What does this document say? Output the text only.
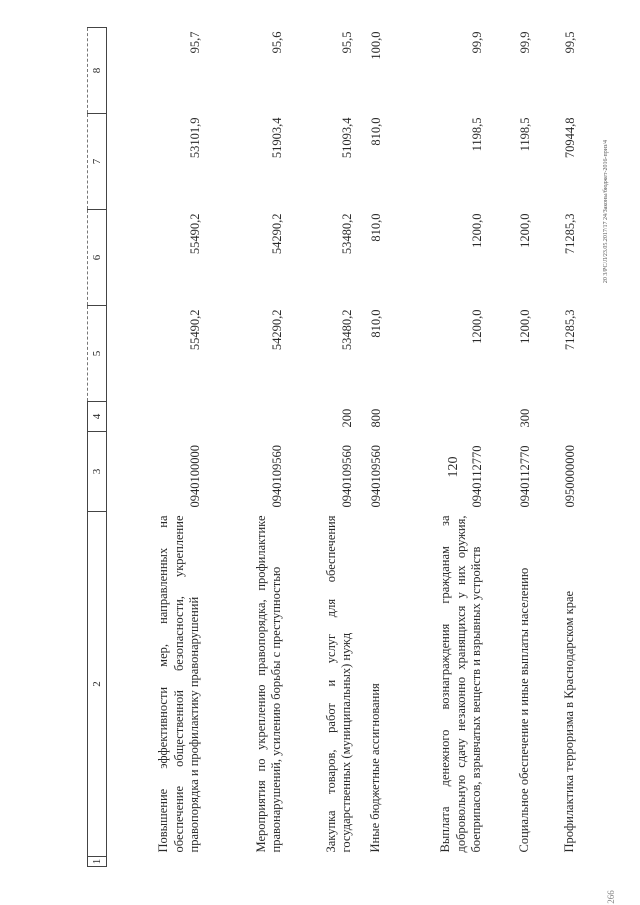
120
20 3/РС/Л/23.05.2017/17 24/Законы/бюджет-2016-приз/4
266
1	2	3	4	5	6	7	8
	Повышение эффективности мер, направленных на обеспечение общественной безопасности, укрепление правопорядка и профилактику правонарушений	0940100000		55490,2	55490,2	53101,9	95,7
	Мероприятия по укреплению правопорядка, профилактике правонарушений, усилению борьбы с преступностью	0940109560		54290,2	54290,2	51903,4	95,6
	Закупка товаров, работ и услуг для обеспечения государственных (муниципальных) нужд	0940109560	200	53480,2	53480,2	51093,4	95,5
	Иные бюджетные ассигнования	0940109560	800	810,0	810,0	810,0	100,0
	Выплата денежного вознаграждения гражданам за добровольную сдачу незаконно хранящихся у них оружия, боеприпасов, взрывчатых веществ и взрывных устройств	0940112770		1200,0	1200,0	1198,5	99,9
	Социальное обеспечение и иные выплаты населению	0940112770	300	1200,0	1200,0	1198,5	99,9
	Профилактика терроризма в Краснодарском крае	0950000000		71285,3	71285,3	70944,8	99,5
